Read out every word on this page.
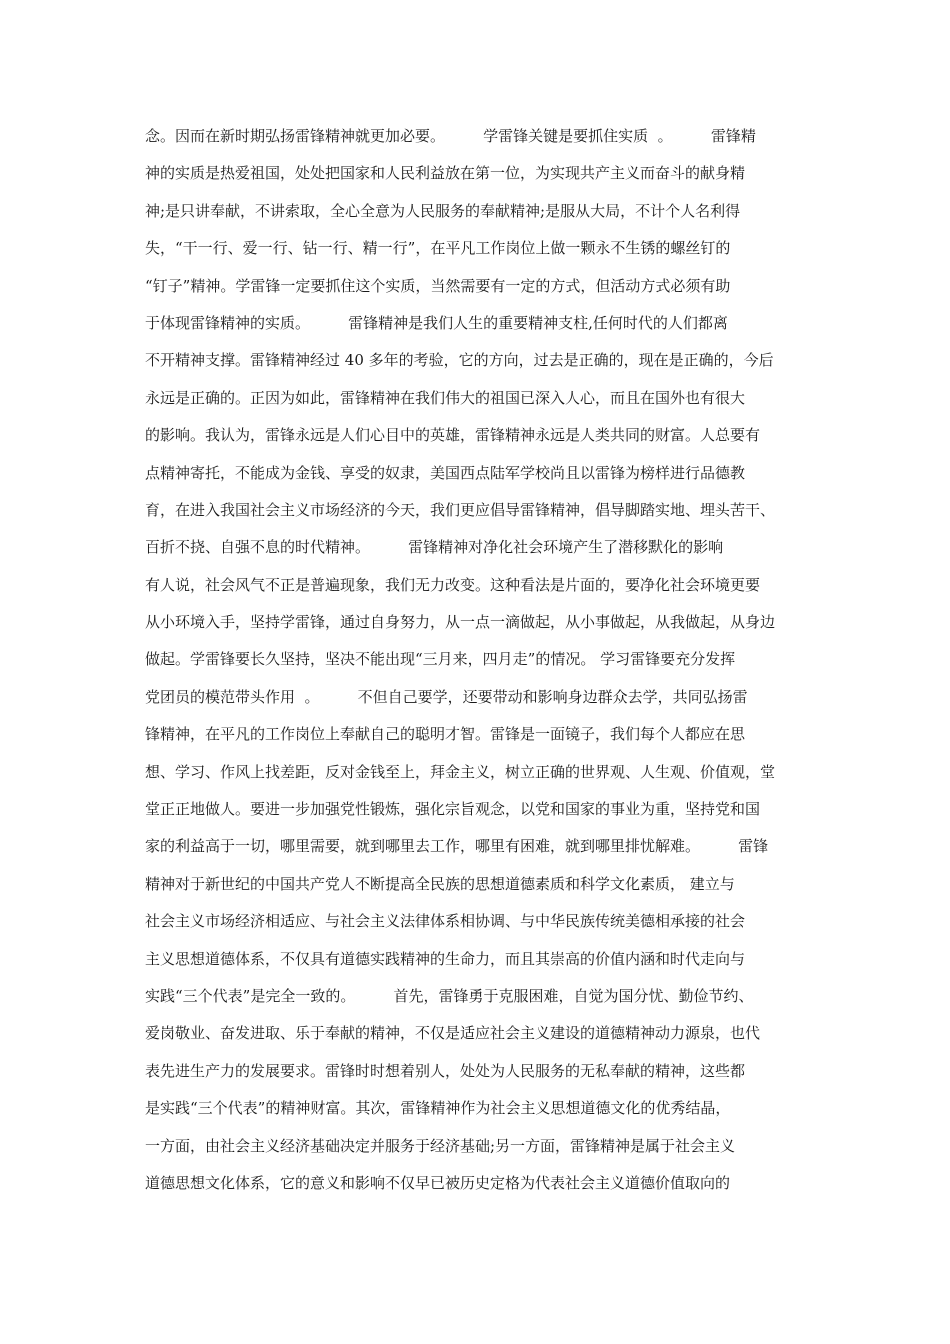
念。因而在新时期弘扬雷锋精神就更加必要。        学雷锋关键是要抓住实质  。        雷锋精
神的实质是热爱祖国，处处把国家和人民利益放在第一位，为实现共产主义而奋斗的献身精
神;是只讲奉献，不讲索取，全心全意为人民服务的奉献精神;是服从大局，不计个人名利得
失，“干一行、爱一行、钻一行、精一行”，在平凡工作岗位上做一颗永不生锈的螺丝钉的
“钉子”精神。学雷锋一定要抓住这个实质，当然需要有一定的方式，但活动方式必须有助
于体现雷锋精神的实质。        雷锋精神是我们人生的重要精神支柱,任何时代的人们都离
不开精神支撑。雷锋精神经过 40 多年的考验，它的方向，过去是正确的，现在是正确的，今后
永远是正确的。正因为如此，雷锋精神在我们伟大的祖国已深入人心，而且在国外也有很大
的影响。我认为，雷锋永远是人们心目中的英雄，雷锋精神永远是人类共同的财富。人总要有
点精神寄托，不能成为金钱、享受的奴隶，美国西点陆军学校尚且以雷锋为榜样进行品德教
育，在进入我国社会主义市场经济的今天，我们更应倡导雷锋精神，倡导脚踏实地、埋头苦干、
百折不挠、自强不息的时代精神。        雷锋精神对净化社会环境产生了潜移默化的影响
有人说，社会风气不正是普遍现象，我们无力改变。这种看法是片面的，要净化社会环境更要
从小环境入手，坚持学雷锋，通过自身努力，从一点一滴做起，从小事做起，从我做起，从身边
做起。学雷锋要长久坚持，坚决不能出现“三月来，四月走”的情况。 学习雷锋要充分发挥
党团员的模范带头作用  。        不但自己要学，还要带动和影响身边群众去学，共同弘扬雷
锋精神，在平凡的工作岗位上奉献自己的聪明才智。雷锋是一面镜子，我们每个人都应在思
想、学习、作风上找差距，反对金钱至上，拜金主义，树立正确的世界观、人生观、价值观，堂
堂正正地做人。要进一步加强党性锻炼，强化宗旨观念，以党和国家的事业为重，坚持党和国
家的利益高于一切，哪里需要，就到哪里去工作，哪里有困难，就到哪里排忧解难。        雷锋
精神对于新世纪的中国共产党人不断提高全民族的思想道德素质和科学文化素质， 建立与
社会主义市场经济相适应、与社会主义法律体系相协调、与中华民族传统美德相承接的社会
主义思想道德体系，不仅具有道德实践精神的生命力，而且其崇高的价值内涵和时代走向与
实践“三个代表”是完全一致的。        首先，雷锋勇于克服困难，自觉为国分忧、勤俭节约、
爱岗敬业、奋发进取、乐于奉献的精神，不仅是适应社会主义建设的道德精神动力源泉，也代
表先进生产力的发展要求。雷锋时时想着别人，处处为人民服务的无私奉献的精神，这些都
是实践“三个代表”的精神财富。其次，雷锋精神作为社会主义思想道德文化的优秀结晶，
一方面，由社会主义经济基础决定并服务于经济基础;另一方面，雷锋精神是属于社会主义
道德思想文化体系，它的意义和影响不仅早已被历史定格为代表社会主义道德价值取向的
